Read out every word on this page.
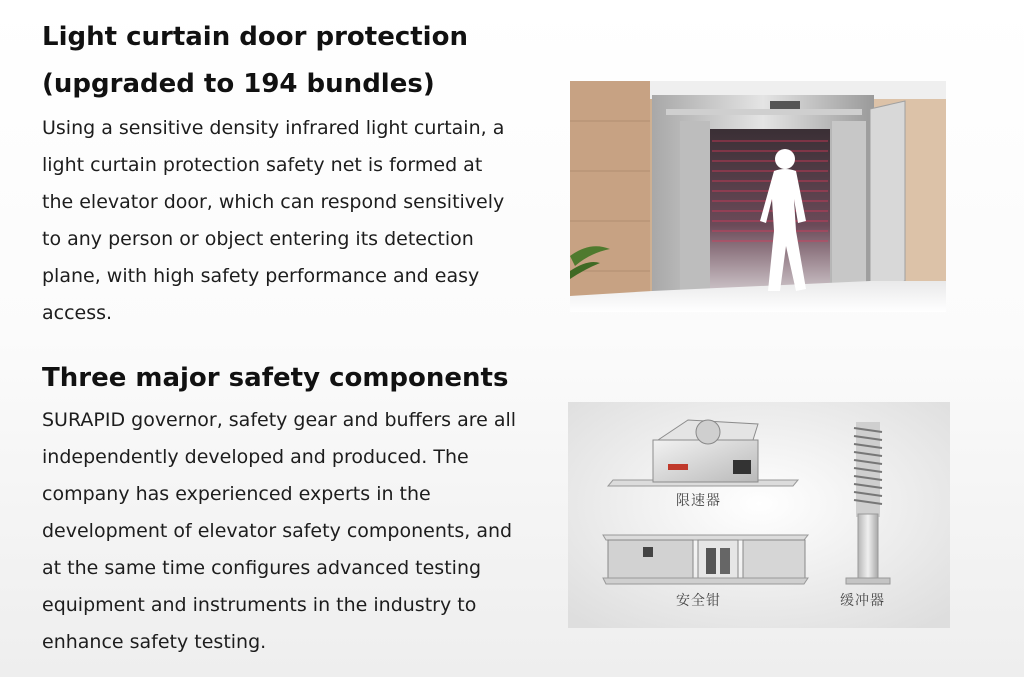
Light curtain door protection
(upgraded to 194 bundles)

Using a sensitive density infrared light curtain, a
light curtain protection safety net is formed at
the elevator door, which can respond sensitively
to any person or object entering its detection
plane, with high safety performance and easy
access.

Three major safety components

SURAPID governor, safety gear and buffers are all
independently developed and produced. The
company has experienced experts in the
development of elevator safety components, and
at the same time configures advanced testing
equipment and instruments in the industry to
enhance safety testing.

限速器
安全钳	缓冲器
